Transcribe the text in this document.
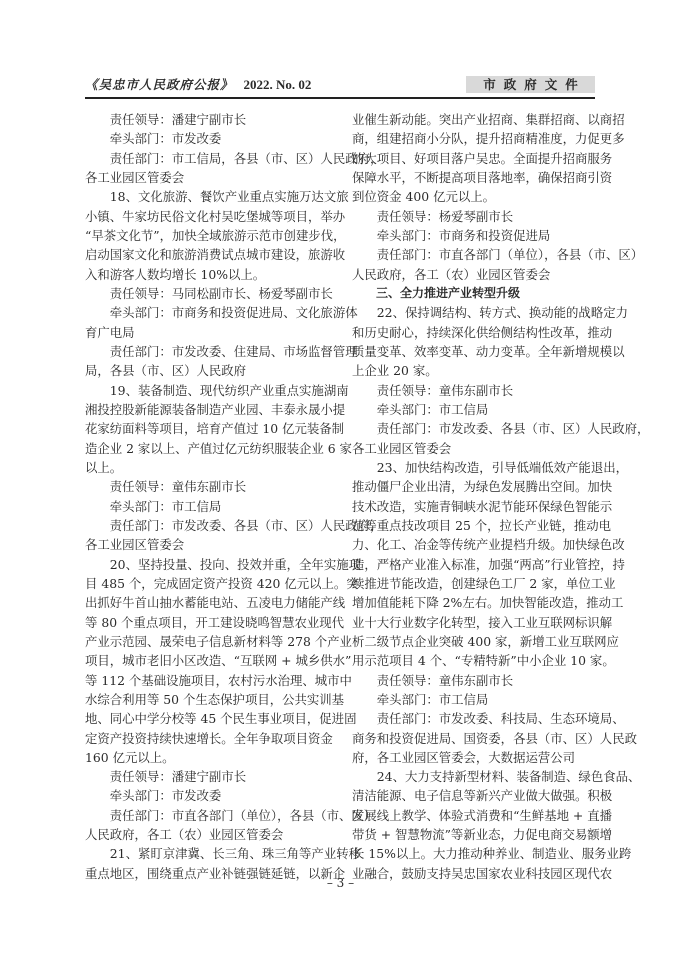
《吴忠市人民政府公报》 2022. No. 02	市政府文件
责任领导：潘建宁副市长
牵头部门：市发改委
责任部门：市工信局，各县（市、区）人民政府，
各工业园区管委会
18、文化旅游、餐饮产业重点实施万达文旅
小镇、牛家坊民俗文化村吴吃堡城等项目，举办
“早茶文化节”，加快全域旅游示范市创建步伐，
启动国家文化和旅游消费试点城市建设，旅游收
入和游客人数均增长 10%以上。
责任领导：马同松副市长、杨爱琴副市长
牵头部门：市商务和投资促进局、文化旅游体
育广电局
责任部门：市发改委、住建局、市场监督管理
局，各县（市、区）人民政府
19、装备制造、现代纺织产业重点实施湖南
湘投控股新能源装备制造产业园、丰泰永晟小提
花家纺面料等项目，培育产值过 10 亿元装备制
造企业 2 家以上、产值过亿元纺织服装企业 6 家
以上。
责任领导：童伟东副市长
牵头部门：市工信局
责任部门：市发改委、各县（市、区）人民政府，
各工业园区管委会
20、坚持投量、投向、投效并重，全年实施项
目 485 个，完成固定资产投资 420 亿元以上。突
出抓好牛首山抽水蓄能电站、五凌电力储能产线
等 80 个重点项目，开工建设晓鸣智慧农业现代
产业示范园、晟荣电子信息新材料等 278 个产业
项目，城市老旧小区改造、“互联网 + 城乡供水”
等 112 个基础设施项目，农村污水治理、城市中
水综合利用等 50 个生态保护项目，公共实训基
地、同心中学分校等 45 个民生事业项目，促进固
定资产投资持续快速增长。全年争取项目资金
160 亿元以上。
责任领导：潘建宁副市长
牵头部门：市发改委
责任部门：市直各部门（单位），各县（市、区）
人民政府，各工（农）业园区管委会
21、紧盯京津冀、长三角、珠三角等产业转移
重点地区，围绕重点产业补链强链延链，以新企
业催生新动能。突出产业招商、集群招商、以商招
商，组建招商小分队，提升招商精准度，力促更多
的大项目、好项目落户吴忠。全面提升招商服务
保障水平，不断提高项目落地率，确保招商引资
到位资金 400 亿元以上。
责任领导：杨爱琴副市长
牵头部门：市商务和投资促进局
责任部门：市直各部门（单位），各县（市、区）
人民政府，各工（农）业园区管委会
三、全力推进产业转型升级
22、保持调结构、转方式、换动能的战略定力
和历史耐心，持续深化供给侧结构性改革，推动
质量变革、效率变革、动力变革。全年新增规模以
上企业 20 家。
责任领导：童伟东副市长
牵头部门：市工信局
责任部门：市发改委、各县（市、区）人民政府，
各工业园区管委会
23、加快结构改造，引导低端低效产能退出，
推动僵尸企业出清，为绿色发展腾出空间。加快
技术改造，实施青铜峡水泥节能环保绿色智能示
范等重点技改项目 25 个，拉长产业链，推动电
力、化工、冶金等传统产业提档升级。加快绿色改
造，严格产业准入标准，加强“两高”行业管控，持
续推进节能改造，创建绿色工厂 2 家，单位工业
增加值能耗下降 2%左右。加快智能改造，推动工
业十大行业数字化转型，接入工业互联网标识解
析二级节点企业突破 400 家，新增工业互联网应
用示范项目 4 个、“专精特新”中小企业 10 家。
责任领导：童伟东副市长
牵头部门：市工信局
责任部门：市发改委、科技局、生态环境局、
商务和投资促进局、国资委，各县（市、区）人民政
府，各工业园区管委会，大数据运营公司
24、大力支持新型材料、装备制造、绿色食品、
清洁能源、电子信息等新兴产业做大做强。积极
发展线上教学、体验式消费和“生鲜基地 + 直播
带货 + 智慧物流”等新业态，力促电商交易额增
长 15%以上。大力推动种养业、制造业、服务业跨
业融合，鼓励支持吴忠国家农业科技园区现代农
– 3 –
